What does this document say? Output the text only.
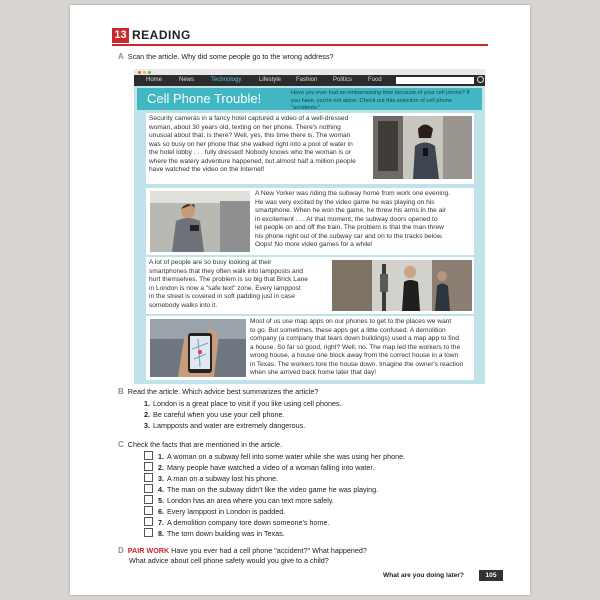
13 READING
A Scan the article. Why did some people go to the wrong address?
Home	News	Technology	Lifestyle Fashion	Politics	Food
Cell Phone Trouble!	Have you ever had an embarrassing time because of your cell phone? If you have, you're not alone. Check out this selection of cell phone "accidents."
Security cameras in a fancy hotel captured a video of a well-dressed
woman, about 30 years old, texting on her phone. There's nothing
unusual about that, is there? Well, yes, this time there is. The woman
was so busy on her phone that she walked right into a pool of water in
the hotel lobby . . . fully dressed! Nobody knows who the woman is or
where the watery adventure happened, but almost half a million people
have watched the video on the Internet!
A New Yorker was riding the subway home from work one evening.
He was very excited by the video game he was playing on his
smartphone. When he won the game, he threw his arms in the air
in excitement . . . At that moment, the subway doors opened to
let people on and off the train. The problem is that the man threw
his phone right out of the subway car and on to the tracks below.
Oops! No more video games for a while!
A lot of people are so busy looking at their
smartphones that they often walk into lampposts and
hurt themselves. The problem is so big that Brick Lane
in London is now a "safe text" zone. Every lamppost
in the street is covered in soft padding just in case
somebody walks into it.
Most of us use map apps on our phones to get to the places we want
to go. But sometimes, these apps get a little confused. A demolition
company (a company that tears down buildings) used a map app to find
a house. So far so good, right? Well, no. The map led the workers to the
wrong house, a house one block away from the correct house in a town
in Texas. The workers tore the house down. Imagine the owner's reaction
when she arrived back home later that day!
B Read the article. Which advice best summarizes the article?
1. London is a great place to visit if you like using cell phones.
2. Be careful when you use your cell phone.
3. Lampposts and water are extremely dangerous.
C Check the facts that are mentioned in the article.
1. A woman on a subway fell into some water while she was using her phone.
2. Many people have watched a video of a woman falling into water.
3. A man on a subway lost his phone.
4. The man on the subway didn't like the video game he was playing.
5. London has an area where you can text more safely.
6. Every lamppost in London is padded.
7. A demolition company tore down someone's home.
8. The torn down building was in Texas.
D PAIR WORK Have you ever had a cell phone "accident?" What happened?
What advice about cell phone safety would you give to a child?
What are you doing later?	105
